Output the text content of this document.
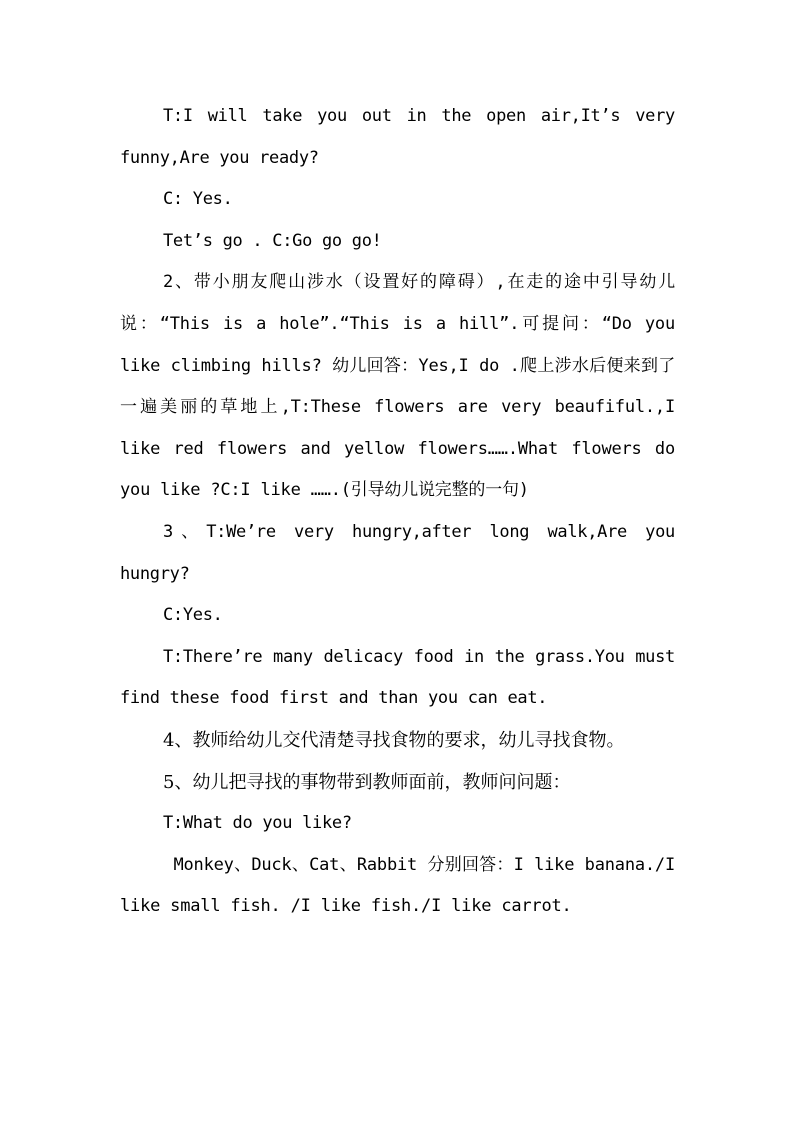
T:I will take you out in the open air,It’s very funny,Are you ready?

C: Yes.

Tet’s go . C:Go go go!

2、带小朋友爬山涉水（设置好的障碍）,在走的途中引导幼儿说：“This is a hole”.“This is a hill”.可提问：“Do you like climbing hills? 幼儿回答：Yes,I do .爬上涉水后便来到了一遍美丽的草地上,T:These flowers are very beaufiful.,I like red flowers and yellow flowers…….What flowers do you like ?C:I like …….(引导幼儿说完整的一句)

3、T:We’re very hungry,after long walk,Are you hungry?

C:Yes.

T:There’re many delicacy food in the grass.You must find these food first and than you can eat.

4、教师给幼儿交代清楚寻找食物的要求，幼儿寻找食物。

5、幼儿把寻找的事物带到教师面前，教师问问题：

T:What do you like?

Monkey、Duck、Cat、Rabbit 分别回答：I like banana./I like small fish. /I like fish./I like carrot.
